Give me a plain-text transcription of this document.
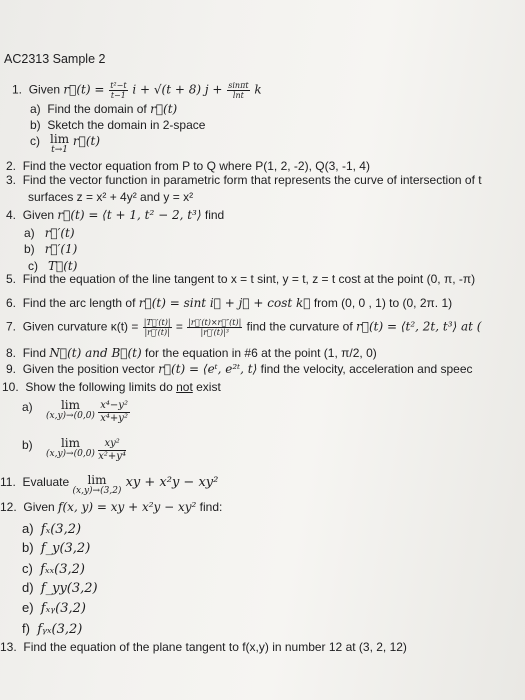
AC2313 Sample 2
1. Given r⃗(t) = $\frac{\text{t²−t}}{t-1}$ i + √(t + 8) $j + \frac{\sin\pi t}{\ln t}$ k
a) Find the domain of r⃗(t)
b) Sketch the domain in 2-space
c) lim
t→1
r⃗(t)
2. Find the vector equation from P to Q where P(1, 2, -2), Q(3, -1, 4)
3. Find the vector function in parametric form that represents the curve of intersection of t
surfaces z = x² + 4y² and y = x²
4. Given r⃗(t) = ⟨t + 1, t² − 2, t³⟩ find
a) r⃗′(t)
b) r⃗′(1)
c) T⃗(t)
5. Find the equation of the line tangent to x = t sint, y = t, z = t cost at the point (0, π, -π)
6. Find the arc length of r⃗(t) = sint i⃗ + j⃗ + cost k⃗ from (0, 0 , 1) to (0, 2π. 1)
7. Given curvature $\kappa(t) = \frac{|T⃗'(t)|}{|r⃗'(t)|} = \frac{|r⃗'(t)\times r⃗''(t)|}{\text{|r⃗′(t)|³}}$ find the curvature of r⃗(t) = ⟨t², 2t, t³⟩ at (
8. Find N⃗(t) and B⃗(t) for the equation in #6 at the point (1, π/2, 0)
9. Given the position vector r⃗(t) = ⟨eᵗ, e²ᵗ, t⟩ find the velocity, acceleration and speec
10. Show the following limits do not exist
a)	lim
(x,y)→(0,0)
$\frac{\text{x⁴−y²}}{\text{x⁴+y²}}$
b)	lim
(x,y)→(0,0)
$\frac{\text{xy²}}{\text{x²+y⁴}}$
11. Evaluate	lim
(x,y)→(3,2)
xy + x²y − xy²
12. Given f(x, y) = xy + x²y − xy² find:
a) fₓ(3,2)
b) f_y(3,2)
c) fₓₓ(3,2)
d) f_yy(3,2)
e) fₓᵧ(3,2)
f) fᵧₓ(3,2)
13. Find the equation of the plane tangent to f(x,y) in number 12 at (3, 2, 12)
